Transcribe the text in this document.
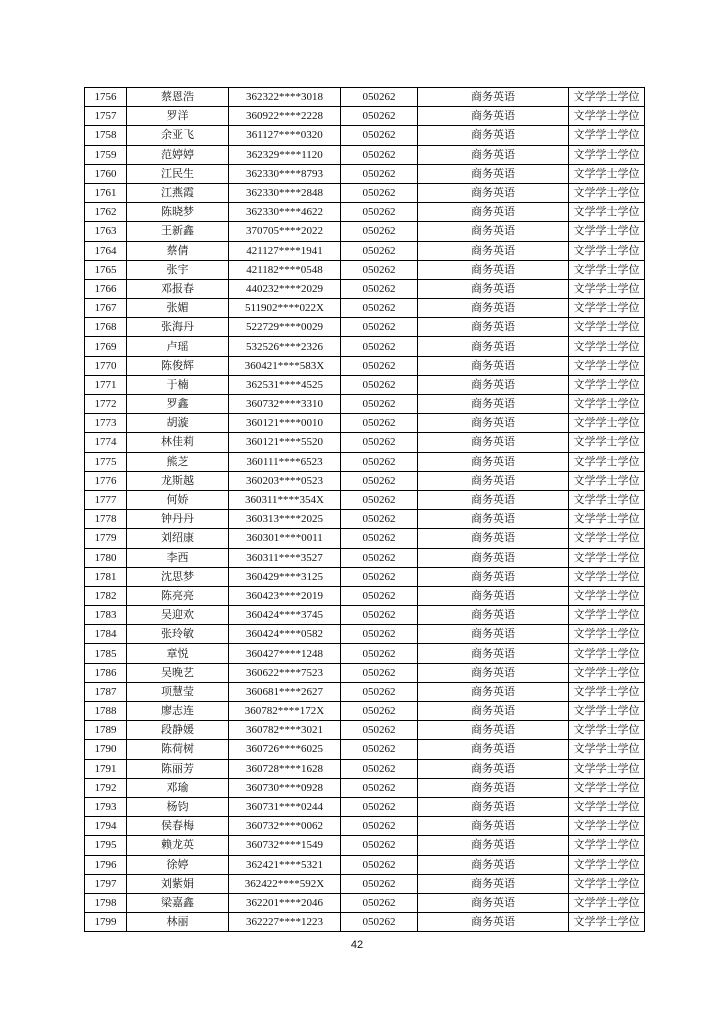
1756	蔡恩浩	362322****3018	050262	商务英语	文学学士学位
1757	罗洋	360922****2228	050262	商务英语	文学学士学位
1758	余亚飞	361127****0320	050262	商务英语	文学学士学位
1759	范婷婷	362329****1120	050262	商务英语	文学学士学位
1760	江民生	362330****8793	050262	商务英语	文学学士学位
1761	江燕霞	362330****2848	050262	商务英语	文学学士学位
1762	陈晓梦	362330****4622	050262	商务英语	文学学士学位
1763	王新鑫	370705****2022	050262	商务英语	文学学士学位
1764	蔡倩	421127****1941	050262	商务英语	文学学士学位
1765	张宇	421182****0548	050262	商务英语	文学学士学位
1766	邓报春	440232****2029	050262	商务英语	文学学士学位
1767	张媚	511902****022X	050262	商务英语	文学学士学位
1768	张海丹	522729****0029	050262	商务英语	文学学士学位
1769	卢瑶	532526****2326	050262	商务英语	文学学士学位
1770	陈俊辉	360421****583X	050262	商务英语	文学学士学位
1771	于楠	362531****4525	050262	商务英语	文学学士学位
1772	罗鑫	360732****3310	050262	商务英语	文学学士学位
1773	胡漩	360121****0010	050262	商务英语	文学学士学位
1774	林佳莉	360121****5520	050262	商务英语	文学学士学位
1775	熊芝	360111****6523	050262	商务英语	文学学士学位
1776	龙斯越	360203****0523	050262	商务英语	文学学士学位
1777	何娇	360311****354X	050262	商务英语	文学学士学位
1778	钟丹丹	360313****2025	050262	商务英语	文学学士学位
1779	刘绍康	360301****0011	050262	商务英语	文学学士学位
1780	李西	360311****3527	050262	商务英语	文学学士学位
1781	沈思梦	360429****3125	050262	商务英语	文学学士学位
1782	陈亮亮	360423****2019	050262	商务英语	文学学士学位
1783	吴迎欢	360424****3745	050262	商务英语	文学学士学位
1784	张玲敏	360424****0582	050262	商务英语	文学学士学位
1785	章悦	360427****1248	050262	商务英语	文学学士学位
1786	吴晚艺	360622****7523	050262	商务英语	文学学士学位
1787	项慧莹	360681****2627	050262	商务英语	文学学士学位
1788	廖志连	360782****172X	050262	商务英语	文学学士学位
1789	段静媛	360782****3021	050262	商务英语	文学学士学位
1790	陈荷树	360726****6025	050262	商务英语	文学学士学位
1791	陈丽芳	360728****1628	050262	商务英语	文学学士学位
1792	邓瑜	360730****0928	050262	商务英语	文学学士学位
1793	杨钧	360731****0244	050262	商务英语	文学学士学位
1794	侯春梅	360732****0062	050262	商务英语	文学学士学位
1795	赖龙英	360732****1549	050262	商务英语	文学学士学位
1796	徐婷	362421****5321	050262	商务英语	文学学士学位
1797	刘紫娟	362422****592X	050262	商务英语	文学学士学位
1798	梁嘉鑫	362201****2046	050262	商务英语	文学学士学位
1799	林丽	362227****1223	050262	商务英语	文学学士学位
42
